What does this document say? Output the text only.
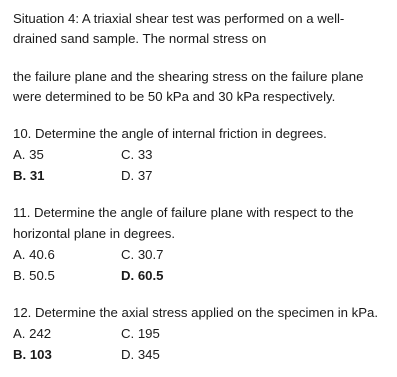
Situation 4: A triaxial shear test was performed on a well-
drained sand sample. The normal stress on
the failure plane and the shearing stress on the failure plane
were determined to be 50 kPa and 30 kPa respectively.
10. Determine the angle of internal friction in degrees.
A. 35	C. 33
B. 31	D. 37
11. Determine the angle of failure plane with respect to the
horizontal plane in degrees.
A. 40.6	C. 30.7
B. 50.5	D. 60.5
12. Determine the axial stress applied on the specimen in kPa.
A. 242	C. 195
B. 103	D. 345
